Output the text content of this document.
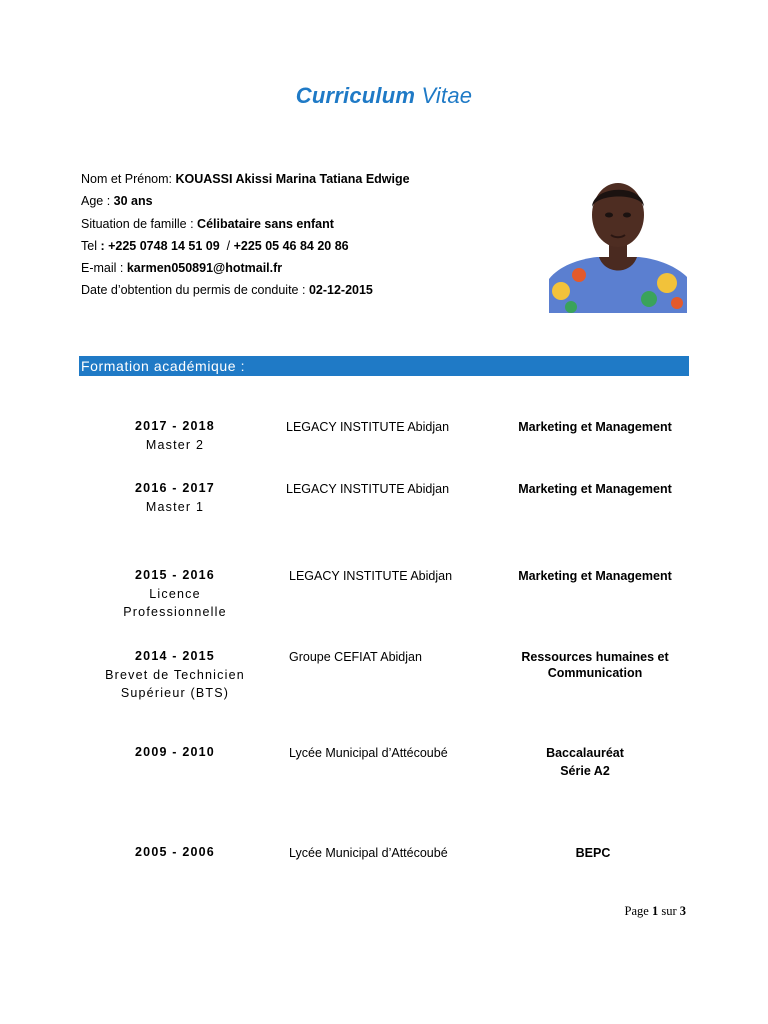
Curriculum Vitae
Nom et Prénom: KOUASSI Akissi Marina Tatiana Edwige
Age : 30 ans
Situation de famille : Célibataire sans enfant
Tel : +225 0748 14 51 09  / +225 05 46 84 20 86
E-mail : karmen050891@hotmail.fr
Date d’obtention du permis de conduite : 02-12-2015
Formation académique :
2017 - 2018
Master 2
LEGACY INSTITUTE Abidjan	Marketing et Management
2016 - 2017
Master 1
LEGACY INSTITUTE Abidjan	Marketing et Management
2015 - 2016
Licence Professionnelle
LEGACY INSTITUTE Abidjan	Marketing et Management
2014 - 2015
Brevet de Technicien Supérieur (BTS)
Groupe CEFIAT Abidjan	Ressources humaines et Communication
2009 - 2010	Lycée Municipal d’Attécoubé	Baccalauréat
Série A2
2005 - 2006	Lycée Municipal d’Attécoubé	BEPC
Page 1 sur 3
